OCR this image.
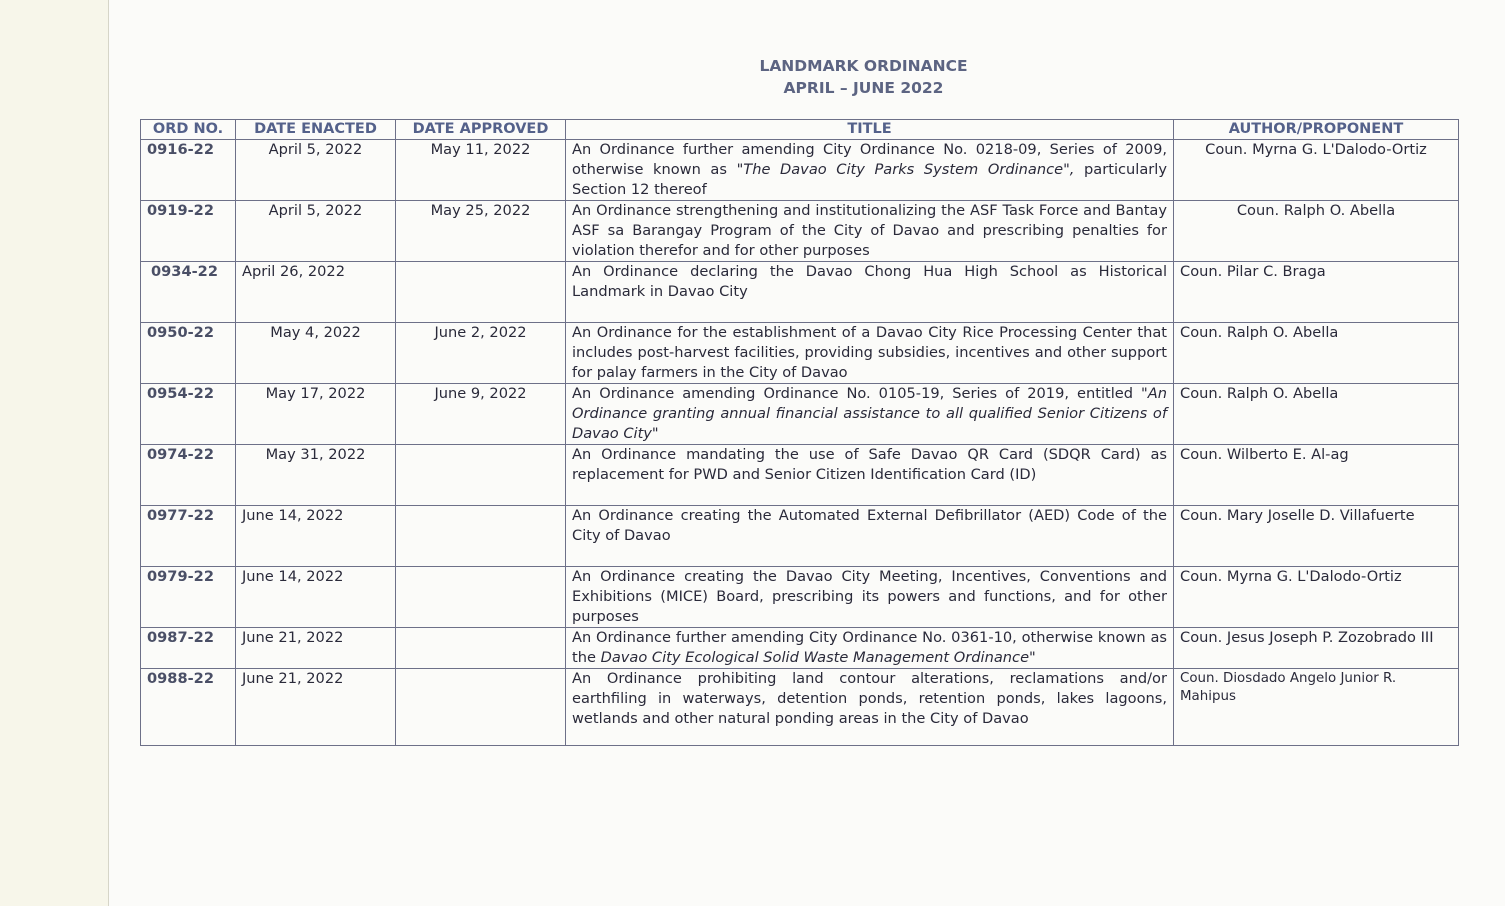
LANDMARK ORDINANCE
APRIL – JUNE 2022
ORD NO.	DATE ENACTED	DATE APPROVED	TITLE	AUTHOR/PROPONENT
0916-22	April 5, 2022	May 11, 2022	An Ordinance further amending City Ordinance No. 0218-09, Series of 2009, otherwise known as "The Davao City Parks System Ordinance", particularly Section 12 thereof	Coun. Myrna G. L'Dalodo-Ortiz
0919-22	April 5, 2022	May 25, 2022	An Ordinance strengthening and institutionalizing the ASF Task Force and Bantay ASF sa Barangay Program of the City of Davao and prescribing penalties for violation therefor and for other purposes	Coun. Ralph O. Abella
0934-22	April 26, 2022		An Ordinance declaring the Davao Chong Hua High School as Historical Landmark in Davao City	Coun. Pilar C. Braga
0950-22	May 4, 2022	June 2, 2022	An Ordinance for the establishment of a Davao City Rice Processing Center that includes post-harvest facilities, providing subsidies, incentives and other support for palay farmers in the City of Davao	Coun. Ralph O. Abella
0954-22	May 17, 2022	June 9, 2022	An Ordinance amending Ordinance No. 0105-19, Series of 2019, entitled "An Ordinance granting annual financial assistance to all qualified Senior Citizens of Davao City"	Coun. Ralph O. Abella
0974-22	May 31, 2022		An Ordinance mandating the use of Safe Davao QR Card (SDQR Card) as replacement for PWD and Senior Citizen Identification Card (ID)	Coun. Wilberto E. Al-ag
0977-22	June 14, 2022		An Ordinance creating the Automated External Defibrillator (AED) Code of the City of Davao	Coun. Mary Joselle D. Villafuerte
0979-22	June 14, 2022		An Ordinance creating the Davao City Meeting, Incentives, Conventions and Exhibitions (MICE) Board, prescribing its powers and functions, and for other purposes	Coun. Myrna G. L'Dalodo-Ortiz
0987-22	June 21, 2022		An Ordinance further amending City Ordinance No. 0361-10, otherwise known as the Davao City Ecological Solid Waste Management Ordinance"	Coun. Jesus Joseph P. Zozobrado III
0988-22	June 21, 2022		An Ordinance prohibiting land contour alterations, reclamations and/or earthfiling in waterways, detention ponds, retention ponds, lakes lagoons, wetlands and other natural ponding areas in the City of Davao	Coun. Diosdado Angelo Junior R. Mahipus
